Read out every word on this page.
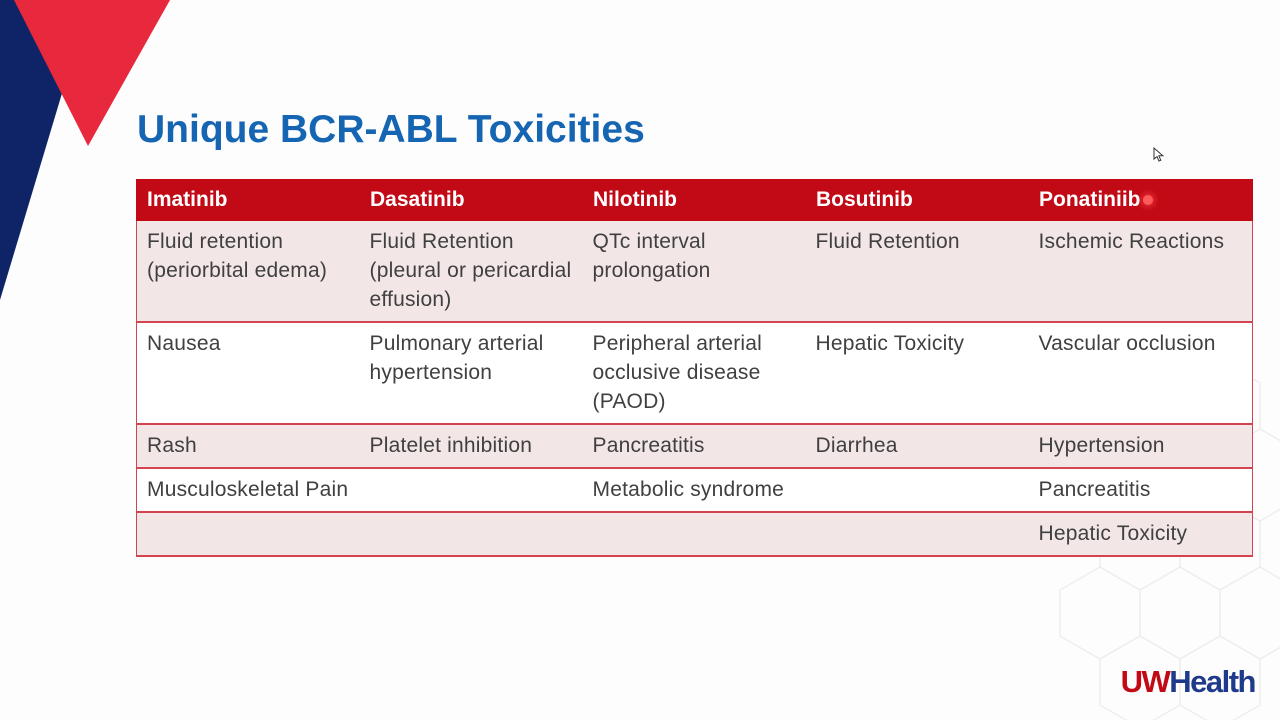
Unique BCR-ABL Toxicities
Imatinib	Dasatinib	Nilotinib	Bosutinib	Ponatiniib
Fluid retention (periorbital edema)	Fluid Retention (pleural or pericardial effusion)	QTc interval prolongation	Fluid Retention	Ischemic Reactions
Nausea	Pulmonary arterial hypertension	Peripheral arterial occlusive disease (PAOD)	Hepatic Toxicity	Vascular occlusion
Rash	Platelet inhibition	Pancreatitis	Diarrhea	Hypertension
Musculoskeletal Pain		Metabolic syndrome		Pancreatitis
				Hepatic Toxicity
UWHealth
